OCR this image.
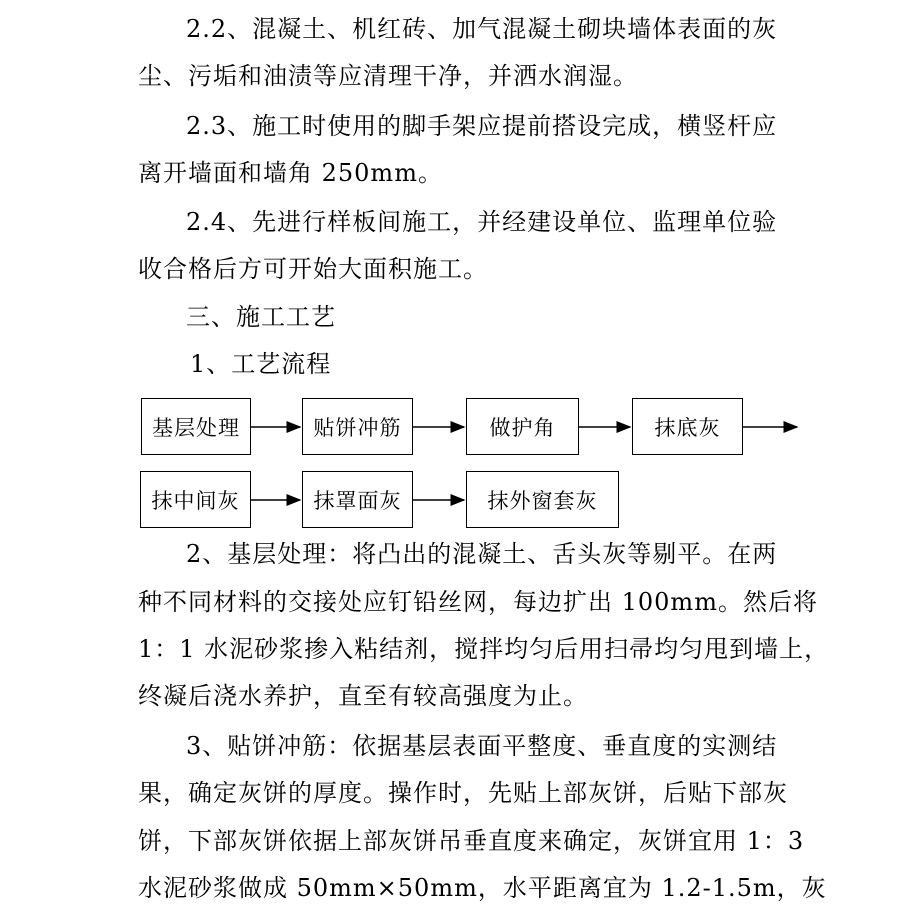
2.2、混凝土、机红砖、加气混凝土砌块墙体表面的灰
尘、污垢和油渍等应清理干净，并洒水润湿。
2.3、施工时使用的脚手架应提前搭设完成，横竖杆应
离开墙面和墙角 250mm。
2.4、先进行样板间施工，并经建设单位、监理单位验
收合格后方可开始大面积施工。
三、施工工艺
1、工艺流程
基层处理	贴饼冲筋	做护角	抹底灰
抹中间灰	抹罩面灰	抹外窗套灰
2、基层处理：将凸出的混凝土、舌头灰等剔平。在两
种不同材料的交接处应钉铅丝网，每边扩出 100mm。然后将
1：1 水泥砂浆掺入粘结剂，搅拌均匀后用扫帚均匀甩到墙上，
终凝后浇水养护，直至有较高强度为止。
3、贴饼冲筋：依据基层表面平整度、垂直度的实测结
果，确定灰饼的厚度。操作时，先贴上部灰饼，后贴下部灰
饼，下部灰饼依据上部灰饼吊垂直度来确定，灰饼宜用 1：3
水泥砂浆做成 50mm×50mm，水平距离宜为 1.2-1.5m，灰
